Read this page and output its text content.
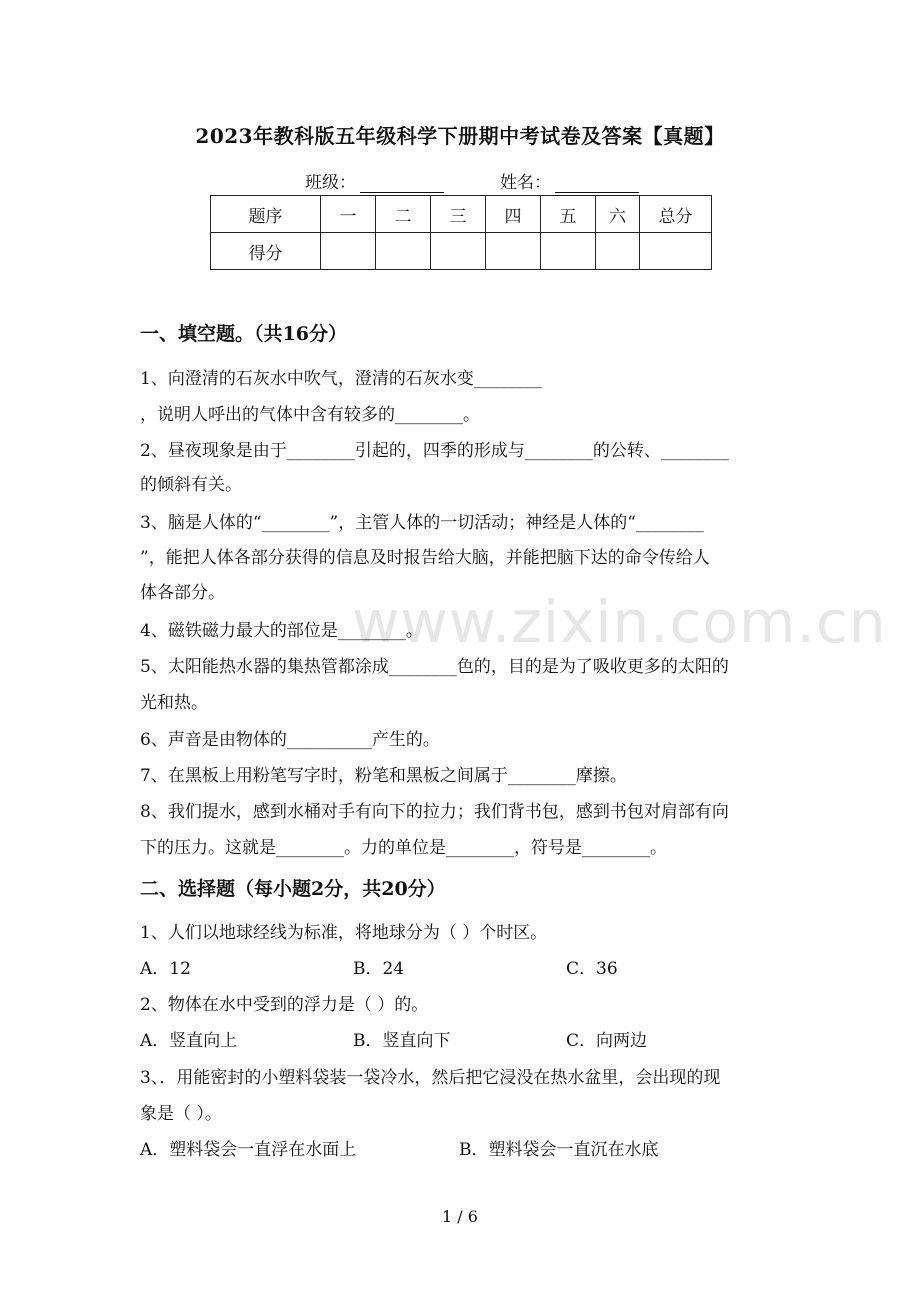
www.zixin.com.cn
2023年教科版五年级科学下册期中考试卷及答案【真题】
班级：	姓名：
题序	一	二	三	四	五	六	总分
得分							
一、填空题。（共16分）
1、向澄清的石灰水中吹气，澄清的石灰水变________
，说明人呼出的气体中含有较多的________。
2、昼夜现象是由于________引起的，四季的形成与________的公转、________
的倾斜有关。
3、脑是人体的“________”，主管人体的一切活动；神经是人体的“________
”，能把人体各部分获得的信息及时报告给大脑，并能把脑下达的命令传给人
体各部分。
4、磁铁磁力最大的部位是________。
5、太阳能热水器的集热管都涂成________色的，目的是为了吸收更多的太阳的
光和热。
6、声音是由物体的__________产生的。
7、在黑板上用粉笔写字时，粉笔和黑板之间属于________摩擦。
8、我们提水，感到水桶对手有向下的拉力；我们背书包，感到书包对肩部有向
下的压力。这就是________。力的单位是________，符号是________。
二、选择题（每小题2分，共20分）
1、人们以地球经线为标准，将地球分为（ ）个时区。
A．12	B．24	C．36
2、物体在水中受到的浮力是（ ）的。
A．竖直向上	B．竖直向下	C．向两边
3、．用能密封的小塑料袋装一袋冷水，然后把它浸没在热水盆里，会出现的现
象是（ ）。
A．塑料袋会一直浮在水面上	B．塑料袋会一直沉在水底
1 / 6
